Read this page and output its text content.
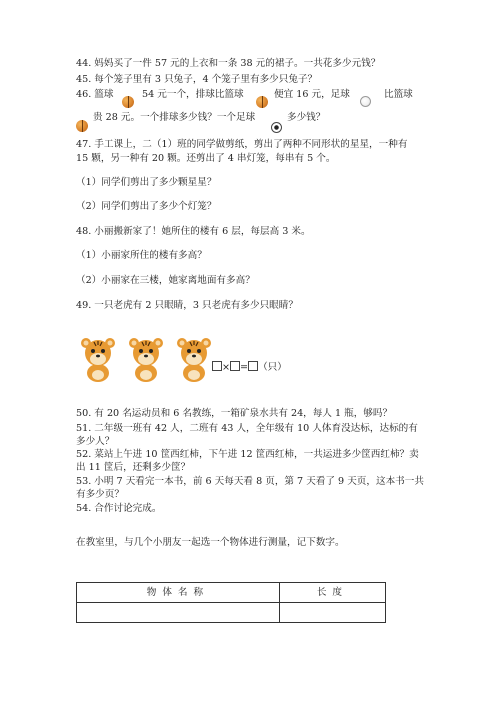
44. 妈妈买了一件 57 元的上衣和一条 38 元的裙子。一共花多少元钱？
45. 每个笼子里有 3 只兔子，4 个笼子里有多少只兔子？
46. 篮球	54 元一个，排球比篮球	便宜 16 元，足球	比篮球
贵 28 元。一个排球多少钱？一个足球	多少钱？
47. 手工课上，二（1）班的同学做剪纸，剪出了两种不同形状的星星，一种有
15 颗，另一种有 20 颗。还剪出了 4 串灯笼，每串有 5 个。
（1）同学们剪出了多少颗星星？
（2）同学们剪出了多少个灯笼？
48. 小丽搬新家了！她所住的楼有 6 层，每层高 3 米。
（1）小丽家所住的楼有多高？
（2）小丽家在三楼，她家离地面有多高？
49. 一只老虎有 2 只眼睛，3 只老虎有多少只眼睛？

× = （只）
50. 有 20 名运动员和 6 名教练，一箱矿泉水共有 24，每人 1 瓶，够吗？
51. 二年级一班有 42 人，二班有 43 人，全年级有 10 人体育没达标，达标的有
多少人？
52. 菜站上午进 10 筐西红柿，下午进 12 筐西红柿，一共运进多少筐西红柿？卖
出 11 筐后，还剩多少筐？
53. 小明 7 天看完一本书，前 6 天每天看 8 页，第 7 天看了 9 天页，这本书一共
有多少页？
54. 合作讨论完成。
在教室里，与几个小朋友一起选一个物体进行测量，记下数字。
物体名称	长度
